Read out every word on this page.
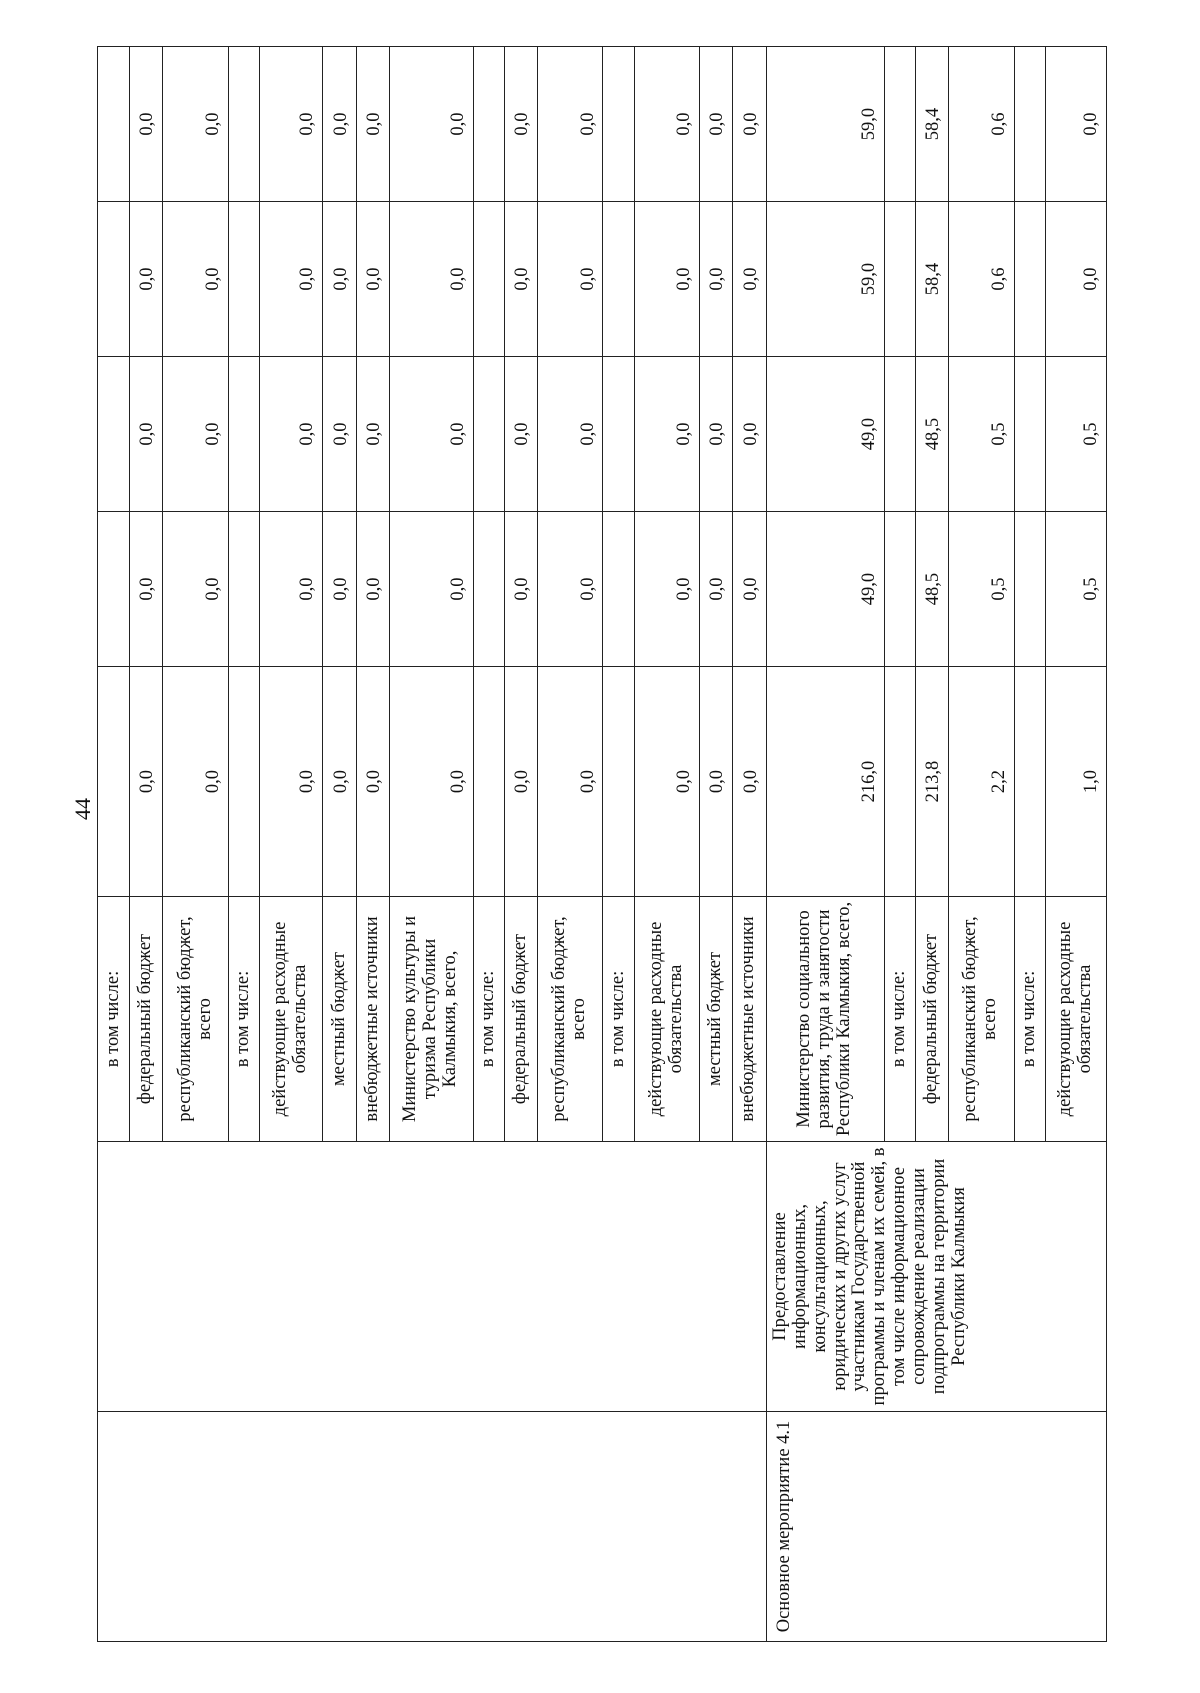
44
		в том числе:					
		федеральный бюджет	0,0	0,0	0,0	0,0	0,0
		республиканский бюджет, всего	0,0	0,0	0,0	0,0	0,0
		в том числе:					
		действующие расходные обязательства	0,0	0,0	0,0	0,0	0,0
		местный бюджет	0,0	0,0	0,0	0,0	0,0
		внебюджетные источники	0,0	0,0	0,0	0,0	0,0
		Министерство культуры и туризма Республики Калмыкия, всего,	0,0	0,0	0,0	0,0	0,0
		в том числе:					
		федеральный бюджет	0,0	0,0	0,0	0,0	0,0
		республиканский бюджет, всего	0,0	0,0	0,0	0,0	0,0
		в том числе:					
		действующие расходные обязательства	0,0	0,0	0,0	0,0	0,0
		местный бюджет	0,0	0,0	0,0	0,0	0,0
		внебюджетные источники	0,0	0,0	0,0	0,0	0,0
Основное мероприятие 4.1	Предоставление информационных, консультационных, юридических и других услуг участникам Государственной программы и членам их семей, в том числе информационное сопровождение реализации подпрограммы на территории Республики Калмыкия	Министерство социального развития, труда и занятости Республики Калмыкия, всего,	216,0	49,0	49,0	59,0	59,0
		в том числе:					
		федеральный бюджет	213,8	48,5	48,5	58,4	58,4
		республиканский бюджет, всего	2,2	0,5	0,5	0,6	0,6
		в том числе:					
		действующие расходные обязательства	1,0	0,5	0,5	0,0	0,0
